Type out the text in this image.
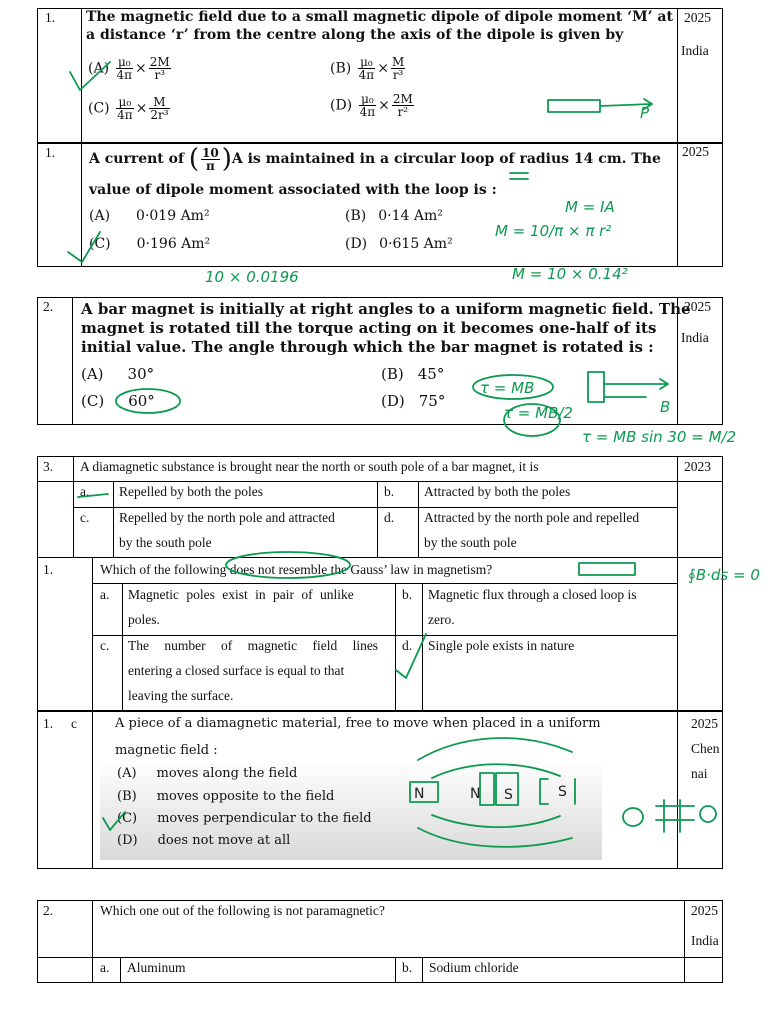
1.	2025
India
The magnetic field due to a small magnetic dipole of dipole moment ‘M’ at
a distance ‘r’ from the centre along the axis of the dipole is given by
$(A) \frac{\text{μ₀}}{4\pi} \times \frac{2M}{\text{r³}}$	$(B) \frac{\text{μ₀}}{4\pi} \times \frac{M}{\text{r³}}$
$(C) \frac{\text{μ₀}}{4\pi} \times \frac{M}{\text{2r³}}$	$(D) \frac{\text{μ₀}}{4\pi} \times \frac{2M}{\text{r²}}$
1.	2025
A current of ( $\frac{10}{\pi} )A$ is maintained in a circular loop of radius 14 cm. The
value of dipole moment associated with the loop is :
(A) 0·019 Am²	(B) 0·14 Am²
(C) 0·196 Am²	(D) 0·615 Am²
2.	2025
India
A bar magnet is initially at right angles to a uniform magnetic field. The
magnet is rotated till the torque acting on it becomes one-half of its
initial value. The angle through which the bar magnet is rotated is :
(A) 30°	(B) 45°
(C) 60°	(D) 75°
3. A diamagnetic substance is brought near the north or south pole of a bar magnet, it is	2023
a. Repelled by both the poles	b. Attracted by both the poles
c. Repelled by the north pole and attracted
by the south pole
d. Attracted by the north pole and repelled
by the south pole
1.	Which of the following does not resemble the Gauss’ law in magnetism?
a. Magnetic poles exist in pair of unlike
poles.
b. Magnetic flux through a closed loop is
zero.
c. The number of magnetic field lines
entering a closed surface is equal to that
leaving the surface.
d. Single pole exists in nature
1. c	2025
Chen
nai
A piece of a diamagnetic material, free to move when placed in a uniform
magnetic field :
(A) moves along the field
(B) moves opposite to the field
(C) moves perpendicular to the field
(D) does not move at all
2.	Which one out of the following is not paramagnetic?	2025
India
a. Aluminum	b. Sodium chloride
P
M = IA
M = 10/π × π r²
M = 10 × 0.14²
10 × 0.0196
B
τ = MB
τ = MB/2
τ = MB sin 30 = M/2
∮B·ds = 0
N	N S	S
